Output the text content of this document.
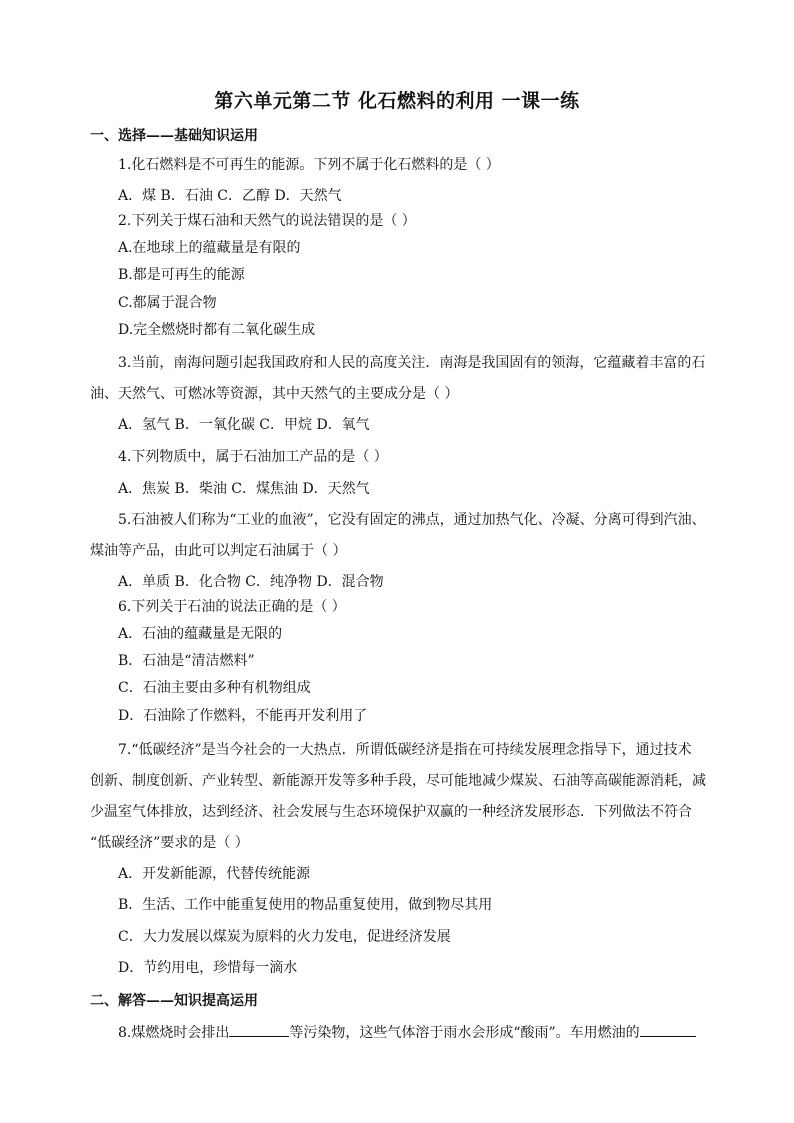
第六单元第二节 化石燃料的利用 一课一练
一、选择——基础知识运用
1.化石燃料是不可再生的能源。下列不属于化石燃料的是（ ）
A．煤 B．石油 C．乙醇 D．天然气
2.下列关于煤石油和天然气的说法错误的是（ ）
A.在地球上的蕴藏量是有限的
B.都是可再生的能源
C.都属于混合物
D.完全燃烧时都有二氧化碳生成
3.当前，南海问题引起我国政府和人民的高度关注．南海是我国固有的领海，它蕴藏着丰富的石
油、天然气、可燃冰等资源，其中天然气的主要成分是（ ）
A．氢气 B．一氧化碳 C．甲烷 D．氧气
4.下列物质中，属于石油加工产品的是（ ）
A．焦炭 B．柴油 C．煤焦油 D．天然气
5.石油被人们称为“工业的血液”，它没有固定的沸点，通过加热气化、冷凝、分离可得到汽油、
煤油等产品，由此可以判定石油属于（ ）
A．单质 B．化合物 C．纯净物 D．混合物
6.下列关于石油的说法正确的是（ ）
A．石油的蕴藏量是无限的
B．石油是“清洁燃料”
C．石油主要由多种有机物组成
D．石油除了作燃料，不能再开发利用了
7.“低碳经济”是当今社会的一大热点．所谓低碳经济是指在可持续发展理念指导下，通过技术
创新、制度创新、产业转型、新能源开发等多种手段，尽可能地减少煤炭、石油等高碳能源消耗，减
少温室气体排放，达到经济、社会发展与生态环境保护双赢的一种经济发展形态．下列做法不符合
“低碳经济”要求的是（ ）
A．开发新能源，代替传统能源
B．生活、工作中能重复使用的物品重复使用，做到物尽其用
C．大力发展以煤炭为原料的火力发电，促进经济发展
D．节约用电，珍惜每一滴水
二、解答——知识提高运用
8.煤燃烧时会排出	等污染物，这些气体溶于雨水会形成“酸雨”。车用燃油的
